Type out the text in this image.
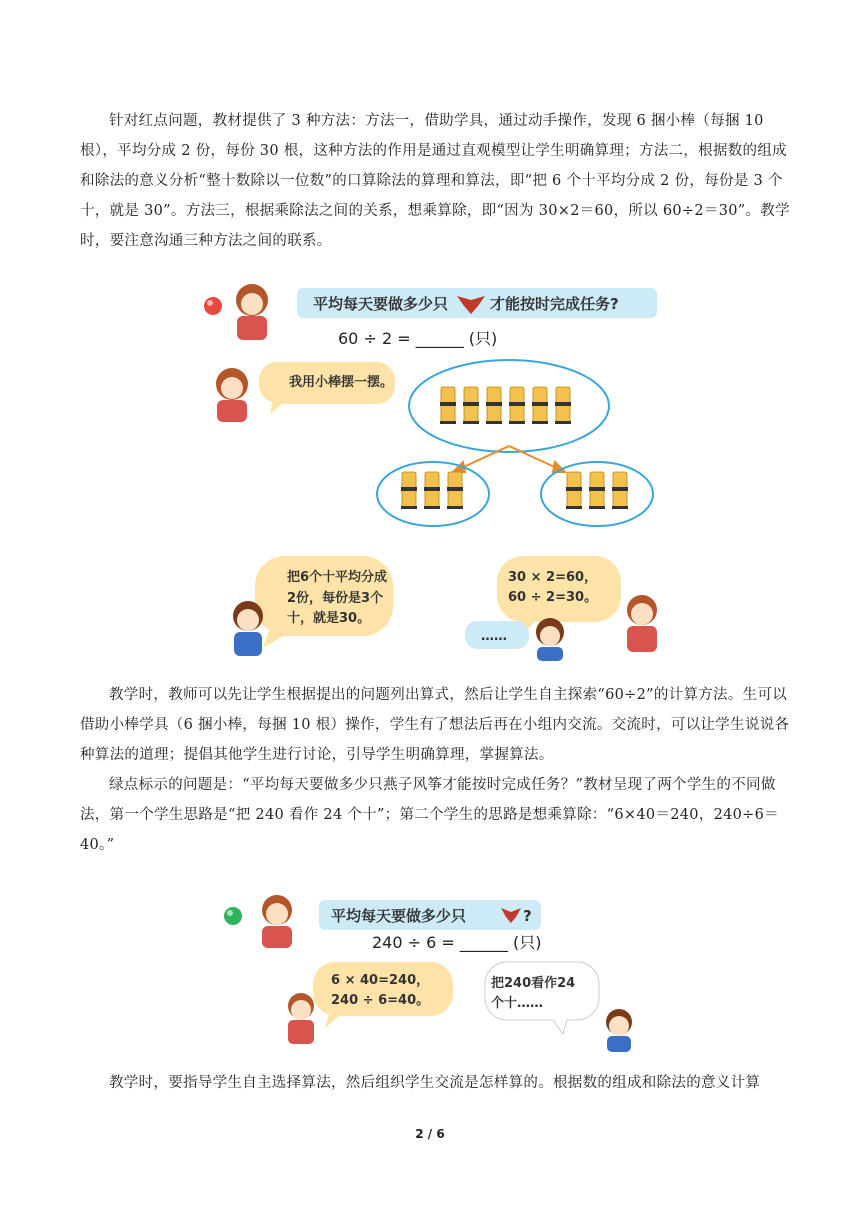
针对红点问题，教材提供了 3 种方法：方法一，借助学具，通过动手操作，发现 6 捆小棒（每捆 10 根），平均分成 2 份，每份 30 根，这种方法的作用是通过直观模型让学生明确算理；方法二，根据数的组成和除法的意义分析“整十数除以一位数”的口算除法的算理和算法，即“把 6 个十平均分成 2 份，每份是 3 个十，就是 30”。方法三，根据乘除法之间的关系，想乘算除，即“因为 30×2＝60，所以 60÷2＝30”。教学时，要注意沟通三种方法之间的联系。

平均每天要做多少只	才能按时完成任务?
60 ÷ 2 = ______ (只)
我用小棒摆一摆。
把6个十平均分成
2份，每份是3个
十，就是30。
30 × 2=60，
60 ÷ 2=30。
……

教学时，教师可以先让学生根据提出的问题列出算式，然后让学生自主探索“60÷2”的计算方法。生可以借助小棒学具（6 捆小棒，每捆 10 根）操作，学生有了想法后再在小组内交流。交流时，可以让学生说说各种算法的道理；提倡其他学生进行讨论，引导学生明确算理，掌握算法。

绿点标示的问题是：“平均每天要做多少只燕子风筝才能按时完成任务？”教材呈现了两个学生的不同做法，第一个学生思路是“把 240 看作 24 个十”；第二个学生的思路是想乘算除：“6×40＝240，240÷6＝40。”

平均每天要做多少只	?
240 ÷ 6 = ______ (只)
6 × 40=240，
240 ÷ 6=40。
把240看作24
个十……

教学时，要指导学生自主选择算法，然后组织学生交流是怎样算的。根据数的组成和除法的意义计算

2 / 6
